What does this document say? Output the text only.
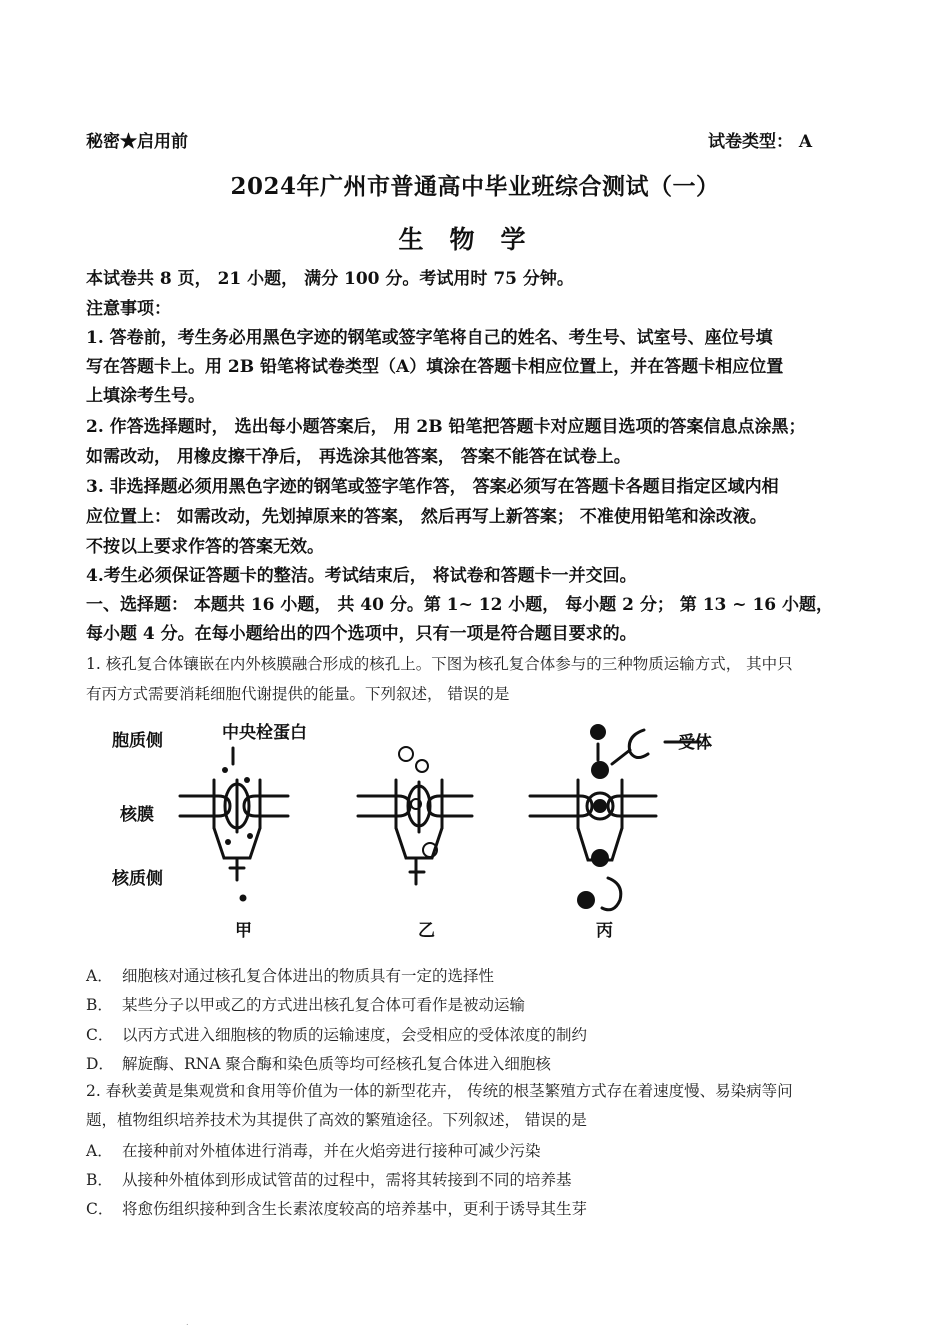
秘密★启用前	试卷类型： A
2024年广州市普通高中毕业班综合测试（一）
生物学
本试卷共 8 页， 21 小题， 满分 100 分。考试用时 75 分钟。
注意事项：
1. 答卷前，考生务必用黑色字迹的钢笔或签字笔将自己的姓名、考生号、试室号、座位号填
写在答题卡上。用 2B 铅笔将试卷类型（A）填涂在答题卡相应位置上，并在答题卡相应位置
上填涂考生号。
2. 作答选择题时， 选出每小题答案后， 用 2B 铅笔把答题卡对应题目选项的答案信息点涂黑；
如需改动， 用橡皮擦干净后， 再选涂其他答案， 答案不能答在试卷上。
3. 非选择题必须用黑色字迹的钢笔或签字笔作答， 答案必须写在答题卡各题目指定区域内相
应位置上： 如需改动，先划掉原来的答案， 然后再写上新答案； 不准使用铅笔和涂改液。
不按以上要求作答的答案无效。
4.考生必须保证答题卡的整洁。考试结束后， 将试卷和答题卡一并交回。
一、选择题： 本题共 16 小题， 共 40 分。第 1~ 12 小题， 每小题 2 分； 第 13 ~ 16 小题，
每小题 4 分。在每小题给出的四个选项中，只有一项是符合题目要求的。
1. 核孔复合体镶嵌在内外核膜融合形成的核孔上。下图为核孔复合体参与的三种物质运输方式， 其中只
有丙方式需要消耗细胞代谢提供的能量。下列叙述， 错误的是
胞质侧
核膜
核质侧
中央栓蛋白	受体
甲	乙	丙
A． 细胞核对通过核孔复合体进出的物质具有一定的选择性
B． 某些分子以甲或乙的方式进出核孔复合体可看作是被动运输
C． 以丙方式进入细胞核的物质的运输速度，会受相应的受体浓度的制约
D． 解旋酶、RNA 聚合酶和染色质等均可经核孔复合体进入细胞核
2. 春秋姜黄是集观赏和食用等价值为一体的新型花卉， 传统的根茎繁殖方式存在着速度慢、易染病等问
题，植物组织培养技术为其提供了高效的繁殖途径。下列叙述， 错误的是
A． 在接种前对外植体进行消毒，并在火焰旁进行接种可减少污染
B． 从接种外植体到形成试管苗的过程中，需将其转接到不同的培养基
C． 将愈伤组织接种到含生长素浓度较高的培养基中，更利于诱导其生芽
.
